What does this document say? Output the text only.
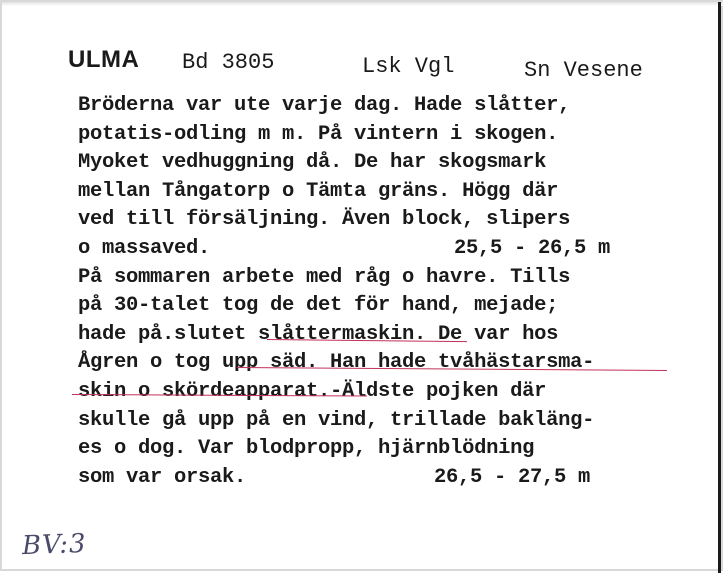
ULMA Bd 3805	Lsk Vgl	Sn Vesene
Bröderna var ute varje dag. Hade slåtter,
potatis-odling m m. På vintern i skogen.
Myoket vedhuggning då. De har skogsmark
mellan Tångatorp o Tämta gräns. Högg där
ved till försäljning. Även block, slipers
o massaved.	25,5 - 26,5 m
På sommaren arbete med råg o havre. Tills
på 30-talet tog de det för hand, mejade;
hade på.slutet slåttermaskin. De var hos
Ågren o tog upp säd. Han hade tvåhästarsma-
skin o skördeapparat.-Äldste pojken där
skulle gå upp på en vind, trillade bakläng-
es o dog. Var blodpropp, hjärnblödning
som var orsak.	26,5 - 27,5 m
BV:3
